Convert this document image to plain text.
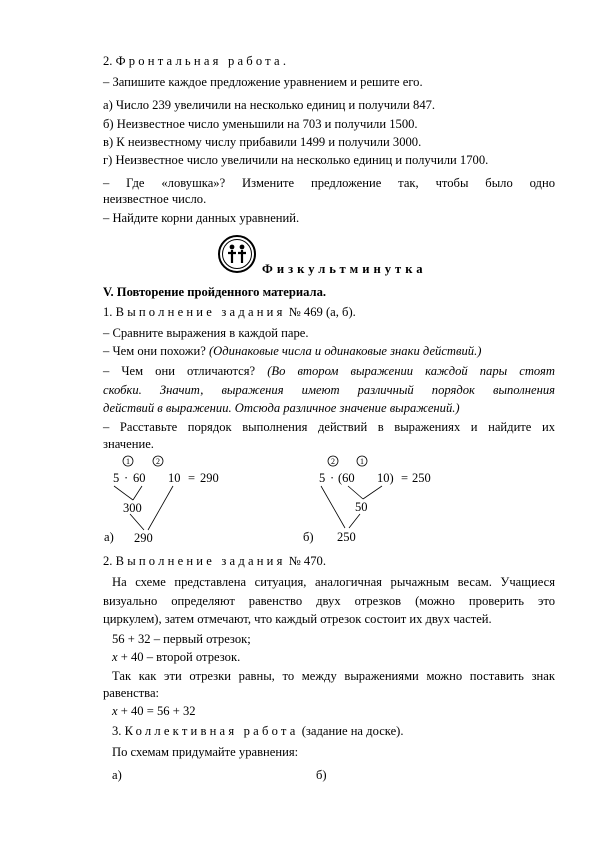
2. Фронтальная работа.
– Запишите каждое предложение уравнением и решите его.
а) Число 239 увеличили на несколько единиц и получили 847.
б) Неизвестное число уменьшили на 703 и получили 1500.
в) К неизвестному числу прибавили 1499 и получили 3000.
г) Неизвестное число увеличили на несколько единиц и получили 1700.
– Где «ловушка»? Измените предложение так, чтобы было одно
неизвестное число.
– Найдите корни данных уравнений.
Физкультминутка
V. Повторение пройденного материала.
1. Выполнение задания № 469 (а, б).
– Сравните выражения в каждой паре.
– Чем они похожи? (Одинаковые числа и одинаковые знаки действий.)
– Чем они отличаются? (Во втором выражении каждой пары стоят
скобки. Значит, выражения имеют различный порядок выполнения
действий в выражении. Отсюда различное значение выражений.)
– Расставьте порядок выполнения действий в выражениях и найдите их
значение.
1	2
5 · 60 10 = 290
300
290
а)
2	1
5 · (60 10) = 250
50
250
б)
2. Выполнение задания № 470.
На схеме представлена ситуация, аналогичная рычажным весам. Учащиеся
визуально определяют равенство двух отрезков (можно проверить это
циркулем), затем отмечают, что каждый отрезок состоит их двух частей.
56 + 32 – первый отрезок;
x + 40 – второй отрезок.
Так как эти отрезки равны, то между выражениями можно поставить знак
равенства:
x + 40 = 56 + 32
3. Коллективная работа (задание на доске).
По схемам придумайте уравнения:
а)	б)
